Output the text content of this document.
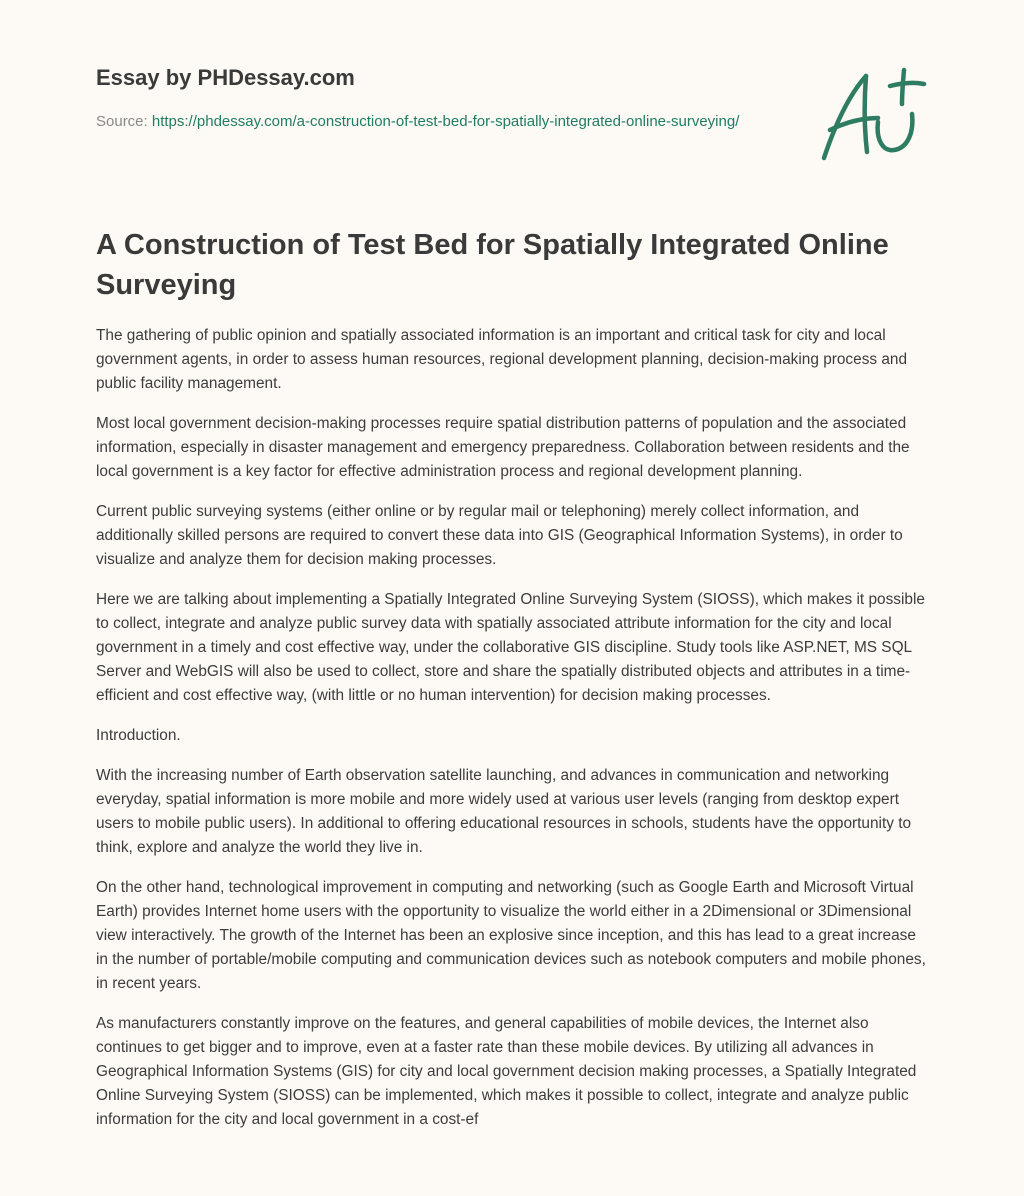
Essay by PHDessay.com
Source: https://phdessay.com/a-construction-of-test-bed-for-spatially-integrated-online-surveying/
A Construction of Test Bed for Spatially Integrated Online Surveying

The gathering of public opinion and spatially associated information is an important and critical task for city and local government agents, in order to assess human resources, regional development planning, decision-making process and public facility management.

Most local government decision-making processes require spatial distribution patterns of population and the associated information, especially in disaster management and emergency preparedness. Collaboration between residents and the local government is a key factor for effective administration process and regional development planning.

Current public surveying systems (either online or by regular mail or telephoning) merely collect information, and additionally skilled persons are required to convert these data into GIS (Geographical Information Systems), in order to visualize and analyze them for decision making processes.

Here we are talking about implementing a Spatially Integrated Online Surveying System (SIOSS), which makes it possible to collect, integrate and analyze public survey data with spatially associated attribute information for the city and local government in a timely and cost effective way, under the collaborative GIS discipline. Study tools like ASP.NET, MS SQL Server and WebGIS will also be used to collect, store and share the spatially distributed objects and attributes in a time-efficient and cost effective way, (with little or no human intervention) for decision making processes.

Introduction.

With the increasing number of Earth observation satellite launching, and advances in communication and networking everyday, spatial information is more mobile and more widely used at various user levels (ranging from desktop expert users to mobile public users). In additional to offering educational resources in schools, students have the opportunity to think, explore and analyze the world they live in.

On the other hand, technological improvement in computing and networking (such as Google Earth and Microsoft Virtual Earth) provides Internet home users with the opportunity to visualize the world either in a 2Dimensional or 3Dimensional view interactively. The growth of the Internet has been an explosive since inception, and this has lead to a great increase in the number of portable/mobile computing and communication devices such as notebook computers and mobile phones, in recent years.

As manufacturers constantly improve on the features, and general capabilities of mobile devices, the Internet also continues to get bigger and to improve, even at a faster rate than these mobile devices. By utilizing all advances in Geographical Information Systems (GIS) for city and local government decision making processes, a Spatially Integrated Online Surveying System (SIOSS) can be implemented, which makes it possible to collect, integrate and analyze public information for the city and local government in a cost-ef
